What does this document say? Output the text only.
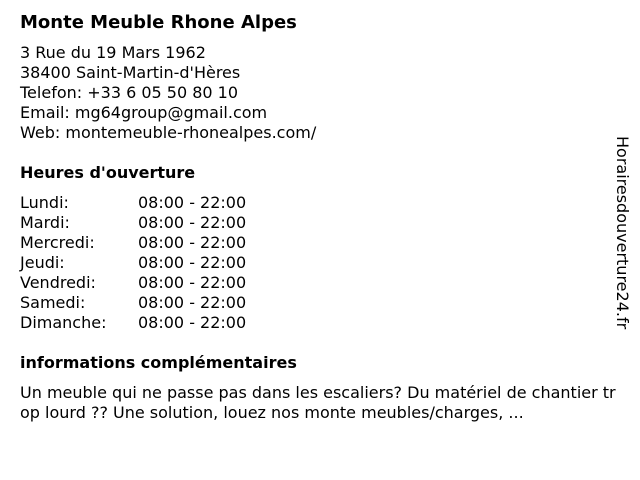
Monte Meuble Rhone Alpes
3 Rue du 19 Mars 1962
38400 Saint-Martin-d'Hères
Telefon: +33 6 05 50 80 10
Email: mg64group@gmail.com
Web: montemeuble-rhonealpes.com/
Heures d'ouverture
Lundi:	08:00 - 22:00
Mardi:	08:00 - 22:00
Mercredi:	08:00 - 22:00
Jeudi:	08:00 - 22:00
Vendredi:	08:00 - 22:00
Samedi:	08:00 - 22:00
Dimanche: 08:00 - 22:00
informations complémentaires
Un meuble qui ne passe pas dans les escaliers? Du matériel de chantier trop lourd ?? Une solution, louez nos monte meubles/charges, ...
Horairesdouverture24.fr
